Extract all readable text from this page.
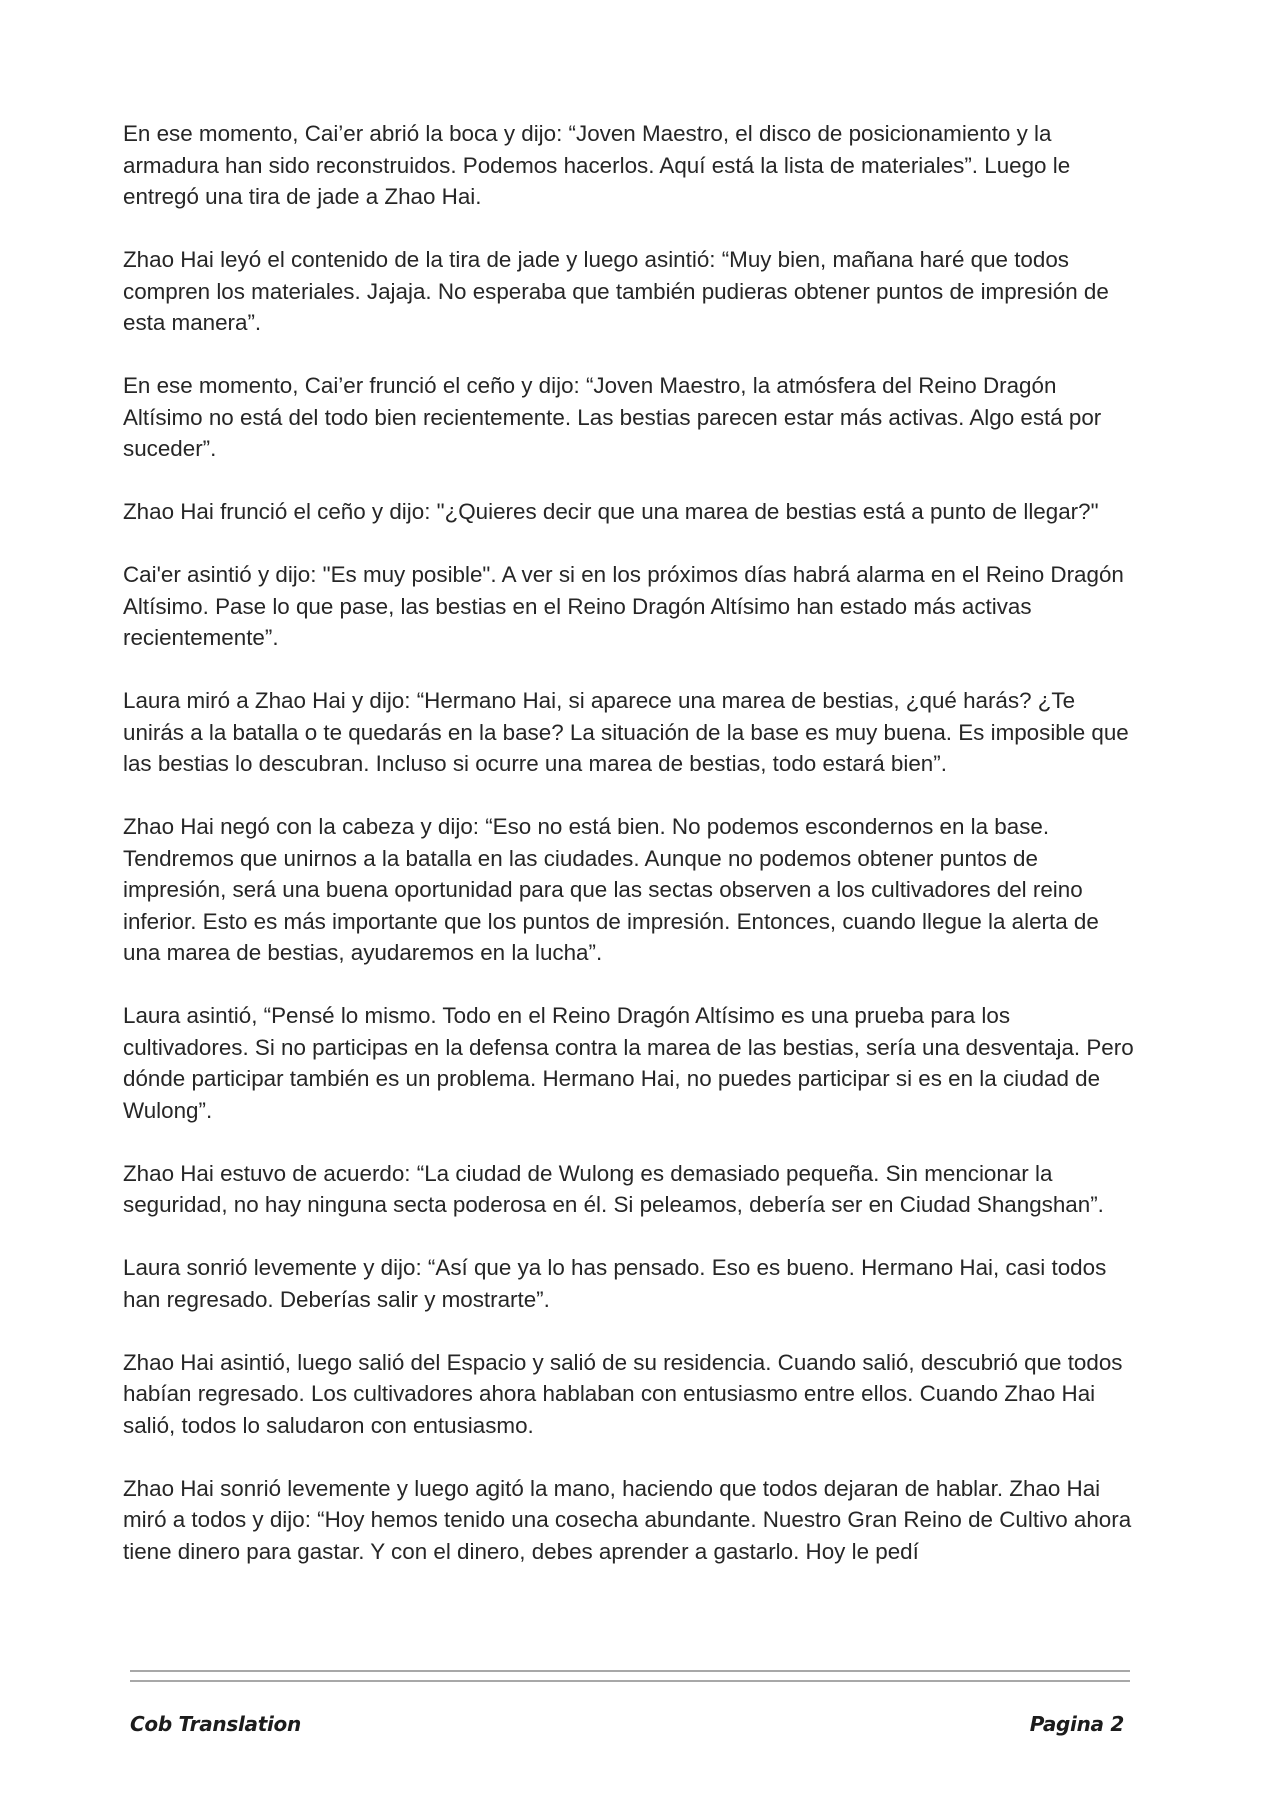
En ese momento, Cai’er abrió la boca y dijo: “Joven Maestro, el disco de posicionamiento y la armadura han sido reconstruidos. Podemos hacerlos. Aquí está la lista de materiales”. Luego le entregó una tira de jade a Zhao Hai.

Zhao Hai leyó el contenido de la tira de jade y luego asintió: “Muy bien, mañana haré que todos compren los materiales. Jajaja. No esperaba que también pudieras obtener puntos de impresión de esta manera”.

En ese momento, Cai’er frunció el ceño y dijo: “Joven Maestro, la atmósfera del Reino Dragón Altísimo no está del todo bien recientemente. Las bestias parecen estar más activas. Algo está por suceder”.

Zhao Hai frunció el ceño y dijo: "¿Quieres decir que una marea de bestias está a punto de llegar?"

Cai'er asintió y dijo: "Es muy posible". A ver si en los próximos días habrá alarma en el Reino Dragón Altísimo. Pase lo que pase, las bestias en el Reino Dragón Altísimo han estado más activas recientemente”.

Laura miró a Zhao Hai y dijo: “Hermano Hai, si aparece una marea de bestias, ¿qué harás? ¿Te unirás a la batalla o te quedarás en la base? La situación de la base es muy buena. Es imposible que las bestias lo descubran. Incluso si ocurre una marea de bestias, todo estará bien”.

Zhao Hai negó con la cabeza y dijo: “Eso no está bien. No podemos escondernos en la base. Tendremos que unirnos a la batalla en las ciudades. Aunque no podemos obtener puntos de impresión, será una buena oportunidad para que las sectas observen a los cultivadores del reino inferior. Esto es más importante que los puntos de impresión. Entonces, cuando llegue la alerta de una marea de bestias, ayudaremos en la lucha”.

Laura asintió, “Pensé lo mismo. Todo en el Reino Dragón Altísimo es una prueba para los cultivadores. Si no participas en la defensa contra la marea de las bestias, sería una desventaja. Pero dónde participar también es un problema. Hermano Hai, no puedes participar si es en la ciudad de Wulong”.

Zhao Hai estuvo de acuerdo: “La ciudad de Wulong es demasiado pequeña. Sin mencionar la seguridad, no hay ninguna secta poderosa en él. Si peleamos, debería ser en Ciudad Shangshan”.

Laura sonrió levemente y dijo: “Así que ya lo has pensado. Eso es bueno. Hermano Hai, casi todos han regresado. Deberías salir y mostrarte”.

Zhao Hai asintió, luego salió del Espacio y salió de su residencia. Cuando salió, descubrió que todos habían regresado. Los cultivadores ahora hablaban con entusiasmo entre ellos. Cuando Zhao Hai salió, todos lo saludaron con entusiasmo.

Zhao Hai sonrió levemente y luego agitó la mano, haciendo que todos dejaran de hablar. Zhao Hai miró a todos y dijo: “Hoy hemos tenido una cosecha abundante. Nuestro Gran Reino de Cultivo ahora tiene dinero para gastar. Y con el dinero, debes aprender a gastarlo. Hoy le pedí

Cob Translation	Pagina 2
